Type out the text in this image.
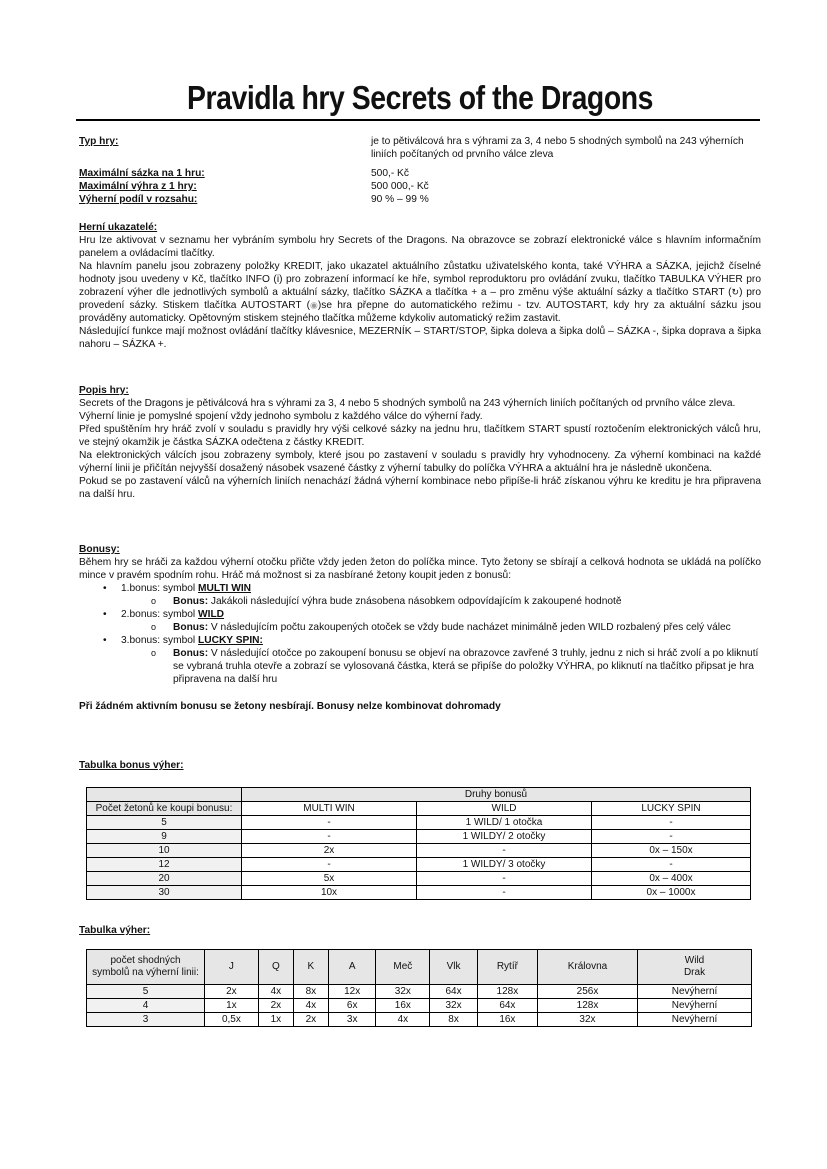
Pravidla hry Secrets of the Dragons
Typ hry:	je to pětiválcová hra s výhrami za 3, 4 nebo 5 shodných symbolů na 243 výherních liniích počítaných od prvního válce zleva
Maximální sázka na 1 hru:	500,- Kč
Maximální výhra z 1 hry:	500 000,- Kč
Výherní podíl v rozsahu:	90 % – 99 %
Herní ukazatelé:

Hru lze aktivovat v seznamu her vybráním symbolu hry Secrets of the Dragons. Na obrazovce se zobrazí elektronické válce s hlavním informačním panelem a ovládacími tlačítky.

Na hlavním panelu jsou zobrazeny položky KREDIT, jako ukazatel aktuálního zůstatku uživatelského konta, také VÝHRA a SÁZKA, jejichž číselné hodnoty jsou uvedeny v Kč, tlačítko INFO (i) pro zobrazení informací ke hře, symbol reproduktoru pro ovládání zvuku, tlačítko TABULKA VÝHER pro zobrazení výher dle jednotlivých symbolů a aktuální sázky, tlačítko SÁZKA a tlačítka + a – pro změnu výše aktuální sázky a tlačítko START (↻) pro provedení sázky. Stiskem tlačítka AUTOSTART (◉)se hra přepne do automatického režimu - tzv. AUTOSTART, kdy hry za aktuální sázku jsou prováděny automaticky. Opětovným stiskem stejného tlačítka můžeme kdykoliv automatický režim zastavit.

Následující funkce mají možnost ovládání tlačítky klávesnice, MEZERNÍK – START/STOP, šipka doleva a šipka dolů – SÁZKA -, šipka doprava a šipka nahoru – SÁZKA +.

Popis hry:

Secrets of the Dragons je pětiválcová hra s výhrami za 3, 4 nebo 5 shodných symbolů na 243 výherních liniích počítaných od prvního válce zleva.

Výherní linie je pomyslné spojení vždy jednoho symbolu z každého válce do výherní řady.

Před spuštěním hry hráč zvolí v souladu s pravidly hry výši celkové sázky na jednu hru, tlačítkem START spustí roztočením elektronických válců hru, ve stejný okamžik je částka SÁZKA odečtena z částky KREDIT.

Na elektronických válcích jsou zobrazeny symboly, které jsou po zastavení v souladu s pravidly hry vyhodnoceny. Za výherní kombinaci na každé výherní linii je přičítán nejvyšší dosažený násobek vsazené částky z výherní tabulky do políčka VÝHRA a aktuální hra je následně ukončena.

Pokud se po zastavení válců na výherních liniích nenachází žádná výherní kombinace nebo připíše-li hráč získanou výhru ke kreditu je hra připravena na další hru.

Bonusy:

Během hry se hráči za každou výherní otočku přičte vždy jeden žeton do políčka mince. Tyto žetony se sbírají a celková hodnota se ukládá na políčko mince v pravém spodním rohu. Hráč má možnost si za nasbírané žetony koupit jeden z bonusů:

• 1.bonus: symbol MULTI WIN
o Bonus: Jakákoli následující výhra bude znásobena násobkem odpovídajícím k zakoupené hodnotě
• 2.bonus: symbol WILD
o Bonus: V následujícím počtu zakoupených otoček se vždy bude nacházet minimálně jeden WILD rozbalený přes celý válec
• 3.bonus: symbol LUCKY SPIN:
o Bonus: V následující otočce po zakoupení bonusu se objeví na obrazovce zavřené 3 truhly, jednu z nich si hráč zvolí a po kliknutí se vybraná truhla otevře a zobrazí se vylosovaná částka, která se připíše do položky VÝHRA, po kliknutí na tlačítko připsat je hra připravena na další hru

Při žádném aktivním bonusu se žetony nesbírají. Bonusy nelze kombinovat dohromady

Tabulka bonus výher:
	Druhy bonusů		
Počet žetonů ke koupi bonusu:	MULTI WIN	WILD	LUCKY SPIN
5	-	1 WILD/ 1 otočka	-
9	-	1 WILDY/ 2 otočky	-
10	2x	-	0x – 150x
12	-	1 WILDY/ 3 otočky	-
20	5x	-	0x – 400x
30	10x	-	0x – 1000x
Tabulka výher:
počet shodných
symbolů na výherní linii:	J	Q	K	A	Meč	Vlk	Rytíř	Královna	Wild
Drak
5	2x	4x	8x	12x	32x	64x	128x	256x	Nevýherní
4	1x	2x	4x	6x	16x	32x	64x	128x	Nevýherní
3	0,5x	1x	2x	3x	4x	8x	16x	32x	Nevýherní
